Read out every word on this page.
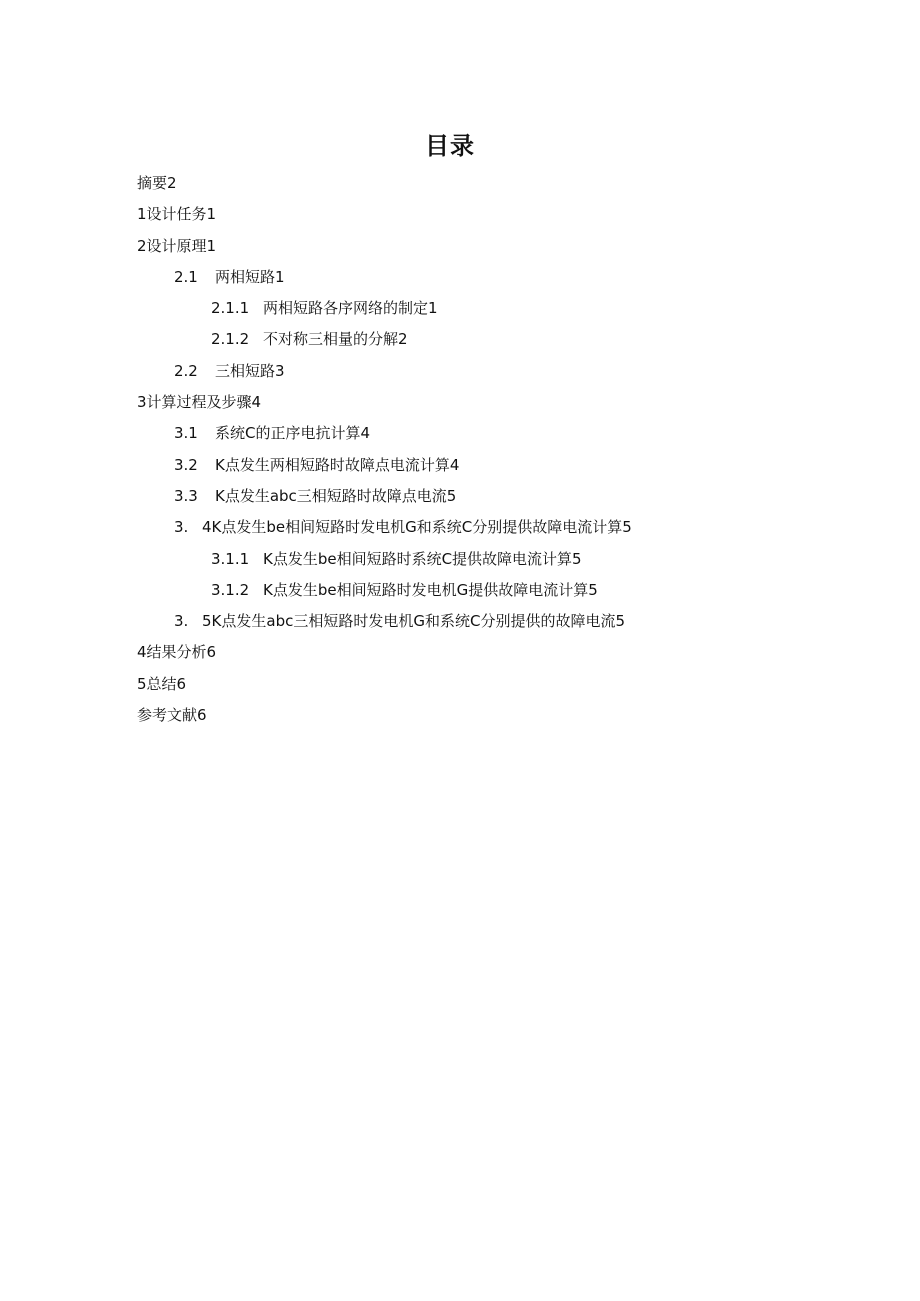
目录
摘要2
1设计任务1
2设计原理1
2.1 两相短路1
2.1.1 两相短路各序网络的制定1
2.1.2 不对称三相量的分解2
2.2 三相短路3
3计算过程及步骤4
3.1 系统C的正序电抗计算4
3.2 K点发生两相短路时故障点电流计算4
3.3 K点发生abc三相短路时故障点电流5
3. 4K点发生be相间短路时发电机G和系统C分别提供故障电流计算5
3.1.1 K点发生be相间短路时系统C提供故障电流计算5
3.1.2 K点发生be相间短路时发电机G提供故障电流计算5
3. 5K点发生abc三相短路时发电机G和系统C分别提供的故障电流5
4结果分析6
5总结6
参考文献6
